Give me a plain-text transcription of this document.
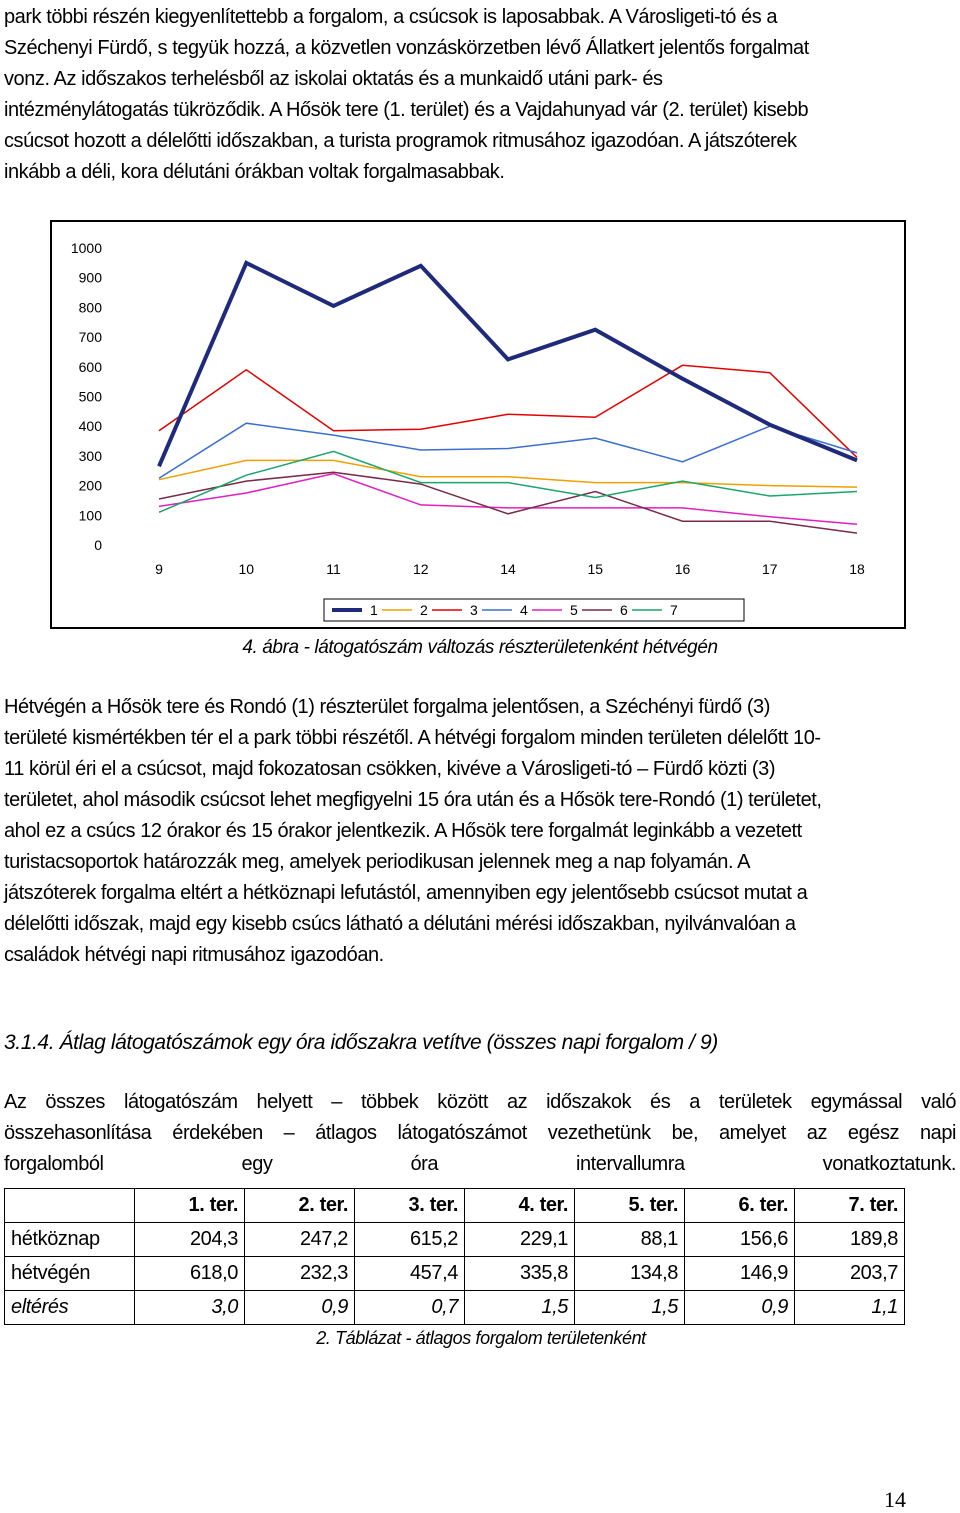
park többi részén kiegyenlítettebb a forgalom, a csúcsok is laposabbak. A Városligeti-tó és a
Széchenyi Fürdő, s tegyük hozzá, a közvetlen vonzáskörzetben lévő Állatkert jelentős forgalmat
vonz. Az időszakos terhelésből az iskolai oktatás és a munkaidő utáni park- és
intézménylátogatás tükröződik. A Hősök tere (1. terület) és a Vajdahunyad vár (2. terület) kisebb
csúcsot hozott a délelőtti időszakban, a turista programok ritmusához igazodóan. A játszóterek
inkább a déli, kora délutáni órákban voltak forgalmasabbak.

0
100
200
300
400
500
600
700
800
900
1000
9	10	11	12	14	15	16	17	18
1	2	3	4	5	6	7
4. ábra - látogatószám változás részterületenként hétvégén

Hétvégén a Hősök tere és Rondó (1) részterület forgalma jelentősen, a Széchényi fürdő (3)
területé kismértékben tér el a park többi részétől. A hétvégi forgalom minden területen délelőtt 10-
11 körül éri el a csúcsot, majd fokozatosan csökken, kivéve a Városligeti-tó – Fürdő közti (3)
területet, ahol második csúcsot lehet megfigyelni 15 óra után és a Hősök tere-Rondó (1) területet,
ahol ez a csúcs 12 órakor és 15 órakor jelentkezik. A Hősök tere forgalmát leginkább a vezetett
turistacsoportok határozzák meg, amelyek periodikusan jelennek meg a nap folyamán. A
játszóterek forgalma eltért a hétköznapi lefutástól, amennyiben egy jelentősebb csúcsot mutat a
délelőtti időszak, majd egy kisebb csúcs látható a délutáni mérési időszakban, nyilvánvalóan a
családok hétvégi napi ritmusához igazodóan.

3.1.4. Átlag látogatószámok egy óra időszakra vetítve (összes napi forgalom / 9)

Az összes látogatószám helyett – többek között az időszakok és a területek egymással való
összehasonlítása érdekében – átlagos látogatószámot vezethetünk be, amelyet az egész napi
forgalomból egy óra intervallumra vonatkoztatunk.

	1. ter.	2. ter.	3. ter.	4. ter.	5. ter.	6. ter.	7. ter.
hétköznap	204,3	247,2	615,2	229,1	88,1	156,6	189,8
hétvégén	618,0	232,3	457,4	335,8	134,8	146,9	203,7
eltérés	3,0	0,9	0,7	1,5	1,5	0,9	1,1
2. Táblázat - átlagos forgalom területenként
14
